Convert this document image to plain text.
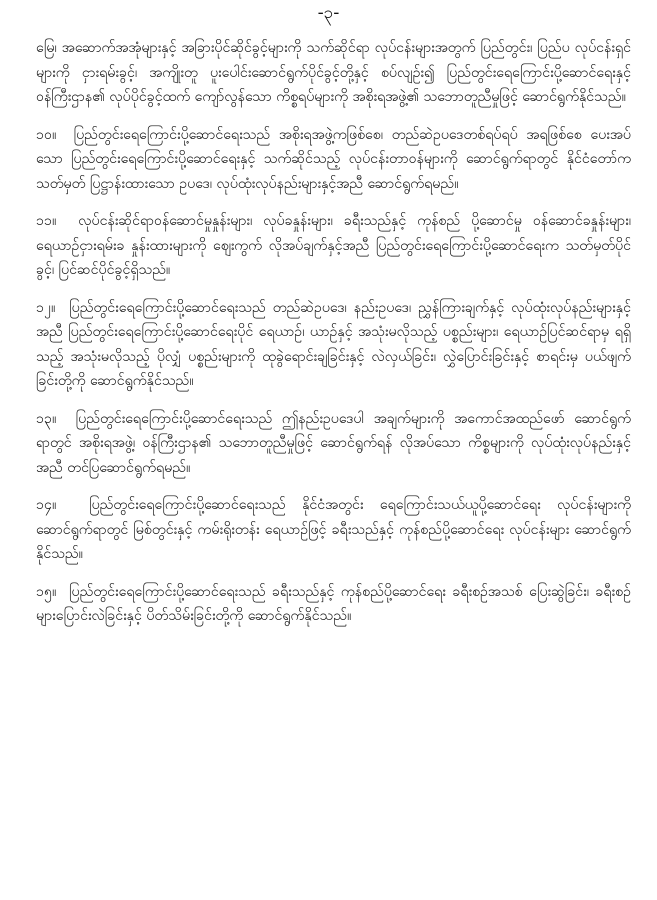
-၃-

မြေ၊ အဆောက်အအုံများနှင့် အခြားပိုင်ဆိုင်ခွင့်များကို သက်ဆိုင်ရာ လုပ်ငန်းများအတွက် ပြည်တွင်း၊ ပြည်ပ လုပ်ငန်းရှင်များကို ငှားရမ်းခွင့်၊ အကျိုးတူ ပူးပေါင်းဆောင်ရွက်ပိုင်ခွင့်တို့နှင့် စပ်လျဉ်း၍ ပြည်တွင်းရေကြောင်းပို့ဆောင်ရေးနှင့် ဝန်ကြီးဌာန၏ လုပ်ပိုင်ခွင့်ထက် ကျော်လွန်သော ကိစ္စရပ်များကို အစိုးရအဖွဲ့၏ သဘောတူညီမှုဖြင့် ဆောင်ရွက်နိုင်သည်။

၁၀။ ပြည်တွင်းရေကြောင်းပို့ဆောင်ရေးသည် အစိုးရအဖွဲ့ကဖြစ်စေ၊ တည်ဆဲဥပဒေတစ်ရပ်ရပ် အရဖြစ်စေ ပေးအပ်သော ပြည်တွင်းရေကြောင်းပို့ဆောင်ရေးနှင့် သက်ဆိုင်သည့် လုပ်ငန်းတာဝန်များကို ဆောင်ရွက်ရာတွင် နိုင်ငံတော်က သတ်မှတ် ပြဋ္ဌာန်းထားသော ဥပဒေ၊ လုပ်ထုံးလုပ်နည်းများနှင့်အညီ ဆောင်ရွက်ရမည်။

၁၁။ လုပ်ငန်းဆိုင်ရာဝန်ဆောင်မှုနှုန်းများ၊ လုပ်ခနှုန်းများ၊ ခရီးသည်နှင့် ကုန်စည် ပို့ဆောင်မှု ဝန်ဆောင်ခနှုန်းများ၊ ရေယာဉ်ငှားရမ်းခ နှုန်းထားများကို ဈေးကွက် လိုအပ်ချက်နှင့်အညီ ပြည်တွင်းရေကြောင်းပို့ဆောင်ရေးက သတ်မှတ်ပိုင်ခွင့်၊ ပြင်ဆင်ပိုင်ခွင့်ရှိသည်။

၁၂။ ပြည်တွင်းရေကြောင်းပို့ဆောင်ရေးသည် တည်ဆဲဥပဒေ၊ နည်းဥပဒေ၊ ညွှန်ကြားချက်နှင့် လုပ်ထုံးလုပ်နည်းများနှင့်အညီ ပြည်တွင်းရေကြောင်းပို့ဆောင်ရေးပိုင် ရေယာဉ်၊ ယာဉ်နှင့် အသုံးမလိုသည့် ပစ္စည်းများ၊ ရေယာဉ်ပြင်ဆင်ရာမှ ရရှိသည့် အသုံးမလိုသည့် ပိုလျှံ ပစ္စည်းများကို ထုခွဲရောင်းချခြင်းနှင့် လဲလှယ်ခြင်း၊ လွှဲပြောင်းခြင်းနှင့် စာရင်းမှ ပယ်ဖျက်ခြင်းတို့ကို ဆောင်ရွက်နိုင်သည်။

၁၃။ ပြည်တွင်းရေကြောင်းပို့ဆောင်ရေးသည် ဤနည်းဥပဒေပါ အချက်များကို အကောင်အထည်ဖော် ဆောင်ရွက်ရာတွင် အစိုးရအဖွဲ့၊ ဝန်ကြီးဌာန၏ သဘောတူညီမှုဖြင့် ဆောင်ရွက်ရန် လိုအပ်သော ကိစ္စများကို လုပ်ထုံးလုပ်နည်းနှင့်အညီ တင်ပြဆောင်ရွက်ရမည်။

၁၄။ ပြည်တွင်းရေကြောင်းပို့ဆောင်ရေးသည် နိုင်ငံအတွင်း ရေကြောင်းသယ်ယူပို့ဆောင်ရေး လုပ်ငန်းများကို ဆောင်ရွက်ရာတွင် မြစ်တွင်းနှင့် ကမ်းရိုးတန်း ရေယာဉ်ဖြင့် ခရီးသည်နှင့် ကုန်စည်ပို့ဆောင်ရေး လုပ်ငန်းများ ဆောင်ရွက်နိုင်သည်။

၁၅။ ပြည်တွင်းရေကြောင်းပို့ဆောင်ရေးသည် ခရီးသည်နှင့် ကုန်စည်ပို့ဆောင်ရေး ခရီးစဉ်အသစ် ပြေးဆွဲခြင်း၊ ခရီးစဉ်များပြောင်းလဲခြင်းနှင့် ပိတ်သိမ်းခြင်းတို့ကို ဆောင်ရွက်နိုင်သည်။
